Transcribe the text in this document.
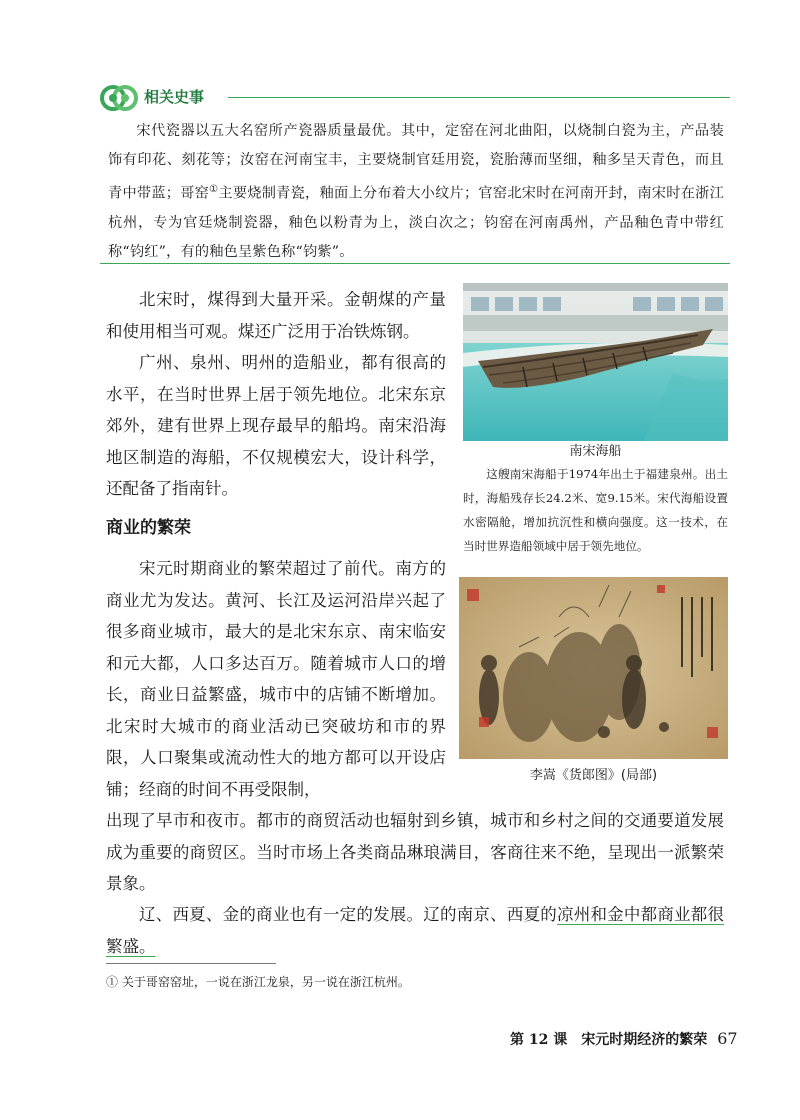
相关史事
宋代瓷器以五大名窑所产瓷器质量最优。其中，定窑在河北曲阳，以烧制白瓷为主，产品装饰有印花、刻花等；汝窑在河南宝丰，主要烧制官廷用瓷，瓷胎薄而坚细，釉多呈天青色，而且青中带蓝；哥窑①主要烧制青瓷，釉面上分布着大小纹片；官窑北宋时在河南开封，南宋时在浙江杭州，专为官廷烧制瓷器，釉色以粉青为上，淡白次之；钧窑在河南禹州，产品釉色青中带红称“钧红”，有的釉色呈紫色称“钧紫”。
北宋时，煤得到大量开采。金朝煤的产量和使用相当可观。煤还广泛用于冶铁炼钢。
广州、泉州、明州的造船业，都有很高的水平，在当时世界上居于领先地位。北宋东京郊外，建有世界上现存最早的船坞。南宋沿海地区制造的海船，不仅规模宏大，设计科学，还配备了指南针。
商业的繁荣
宋元时期商业的繁荣超过了前代。南方的商业尤为发达。黄河、长江及运河沿岸兴起了很多商业城市，最大的是北宋东京、南宋临安和元大都，人口多达百万。随着城市人口的增长，商业日益繁盛，城市中的店铺不断增加。北宋时大城市的商业活动已突破坊和市的界限，人口聚集或流动性大的地方都可以开设店铺；经商的时间不再受限制，
出现了早市和夜市。都市的商贸活动也辐射到乡镇，城市和乡村之间的交通要道发展成为重要的商贸区。当时市场上各类商品琳琅满目，客商往来不绝，呈现出一派繁荣景象。
辽、西夏、金的商业也有一定的发展。辽的南京、西夏的凉州和金中都商业都很繁盛。
南宋海船
这艘南宋海船于1974年出土于福建泉州。出土时，海船残存长24.2米、宽9.15米。宋代海船设置水密隔舱，增加抗沉性和横向强度。这一技术，在当时世界造船领域中居于领先地位。
李嵩《货郎图》(局部)
① 关于哥窑窑址，一说在浙江龙泉，另一说在浙江杭州。
第 12 课　宋元时期经济的繁荣 67
